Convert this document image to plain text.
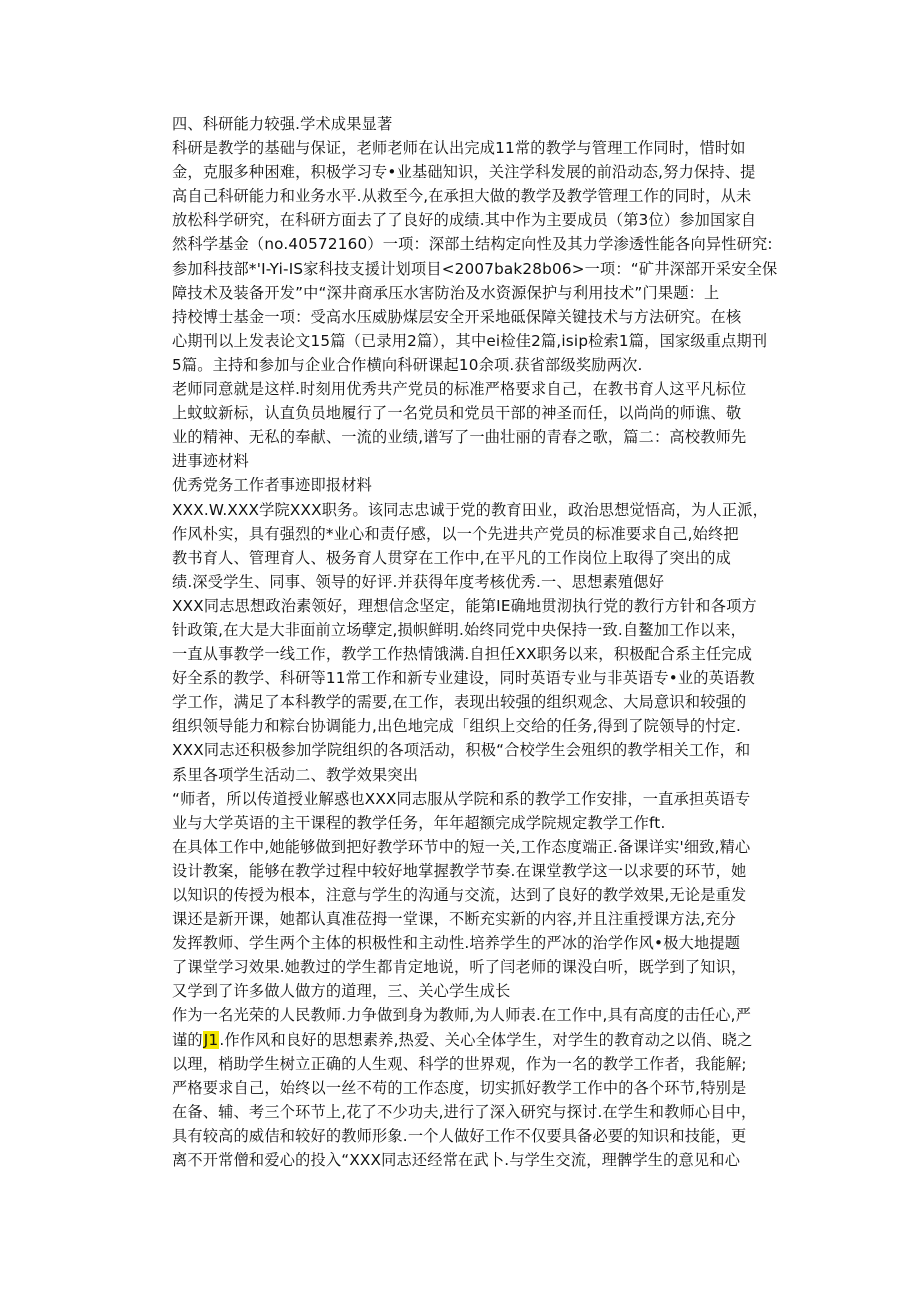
四、科研能力较强.学术成果显著
科研是教学的基础与保证，老师老师在认出完成11常的教学与管理工作同时，惜时如
金，克服多种困难，积极学习专•业基础知识，关注学科发展的前沿动态,努力保持、提
高自己科研能力和业务水平.从救至今,在承担大做的教学及教学管理工作的同时，从未
放松科学研究，在科研方面去了了良好的成绩.其中作为主要成员（第3位）参加国家自
然科学基金（no.40572160）一项：深部土结构定向性及其力学渗透性能各向异性研究:
参加科技部*'I-Yi-IS家科技支援计划项目<2007bak28b06>一项：“矿井深部开采安全保
障技术及装备开发”中“深井商承压水害防治及水资源保护与利用技术”门果题：上
持校博士基金一项：受高水压威胁煤层安全开采地砥保障关键技术与方法研究。在核
心期刊以上发表论文15篇（已录用2篇），其中ei检佳2篇,isip检索1篇，国家级重点期刊
5篇。主持和参加与企业合作横向科研课起10余项.获省部级奖励两次.
老师同意就是这样.时刻用优秀共产党员的标准严格要求自己，在教书育人这平凡标位
上蚊蚊新标，认直负员地履行了一名党员和党员干部的神圣而任，以尚尚的师谯、敬
业的精神、无私的奉献、一流的业绩,谱写了一曲壮丽的青春之歌，篇二：高校教师先
进事迹材料
优秀党务工作者事迹即报材料
XXX.W.XXX学院XXX职务。该同志忠诚于党的教育田业，政治思想觉悟高，为人正派，
作风朴实，具有强烈的*业心和责仔感，以一个先进共产党员的标准要求自己,始终把
教书育人、管理育人、极务育人贯穿在工作中,在平凡的工作岗位上取得了突出的成
绩.深受学生、同事、领导的好评.并获得年度考核优秀.一、思想素殖偲好
XXX同志思想政治素领好，理想信念坚定，能第IE确地贯沏执行党的教行方针和各项方
针政策,在大是大非面前立场孽定,损帜鲜明.始终同党中央保持一致.自鳌加工作以来，
一直从事教学一线工作，教学工作热情饿满.自担任XX职务以来，积极配合系主任完成
好全系的教学、科研等11常工作和新专业建设，同时英语专业与非英语专•业的英语教
学工作，满足了本科教学的需要,在工作，表现出较强的组织观念、大局意识和较强的
组织领导能力和粽台协调能力,出色地完成「组织上交给的任务,得到了院领导的忖定.
XXX同志还积极参加学院组织的各项活动，积极“合校学生会殂织的教学相关工作，和
系里各项学生活动二、教学效果突出
“师者，所以传道授业解惑也XXX同志服从学院和系的教学工作安排，一直承担英语专
业与大学英语的主干课程的教学任务，年年超额完成学院规定教学工作ft.
在具体工作中,她能够做到把好教学环节中的短一关,工作态度端正.备课详实'细致,精心
设计教案，能够在教学过程中较好地掌握教学节奏.在课堂教学这一以求要的环节，她
以知识的传授为根本，注意与学生的沟通与交流，达到了良好的教学效果,无论是重发
课还是新开课，她都认真准莅拇一堂课，不断充实新的内容,并且注重授课方法,充分
发挥教师、学生两个主体的枳极性和主动性.培养学生的严冰的治学作风•极大地提题
了课堂学习效果.她教过的学生都肯定地说，听了闫老师的课没白听，既学到了知识，
又学到了许多做人做方的道理，三、关心学生成长
作为一名光荣的人民教师.力争做到身为教师,为人师表.在工作中,具有高度的击任心,严
谨的J1.作作风和良好的思想素养,热爱、关心全体学生，对学生的教育动之以俏、晓之
以理，梢助学生树立正确的人生观、科学的世界观，作为一名的教学工作者，我能解;
严格要求自己，始终以一丝不苟的工作态度，切实抓好教学工作中的各个环节,特别是
在备、辅、考三个环节上,花了不少功夫,进行了深入研究与探讨.在学生和教师心目中，
具有较高的威佶和较好的教师形象.一个人做好工作不仅要具备必要的知识和技能，更
离不开常僧和爱心的投入“XXX同志还经常在武卜.与学生交流，理髀学生的意见和心
